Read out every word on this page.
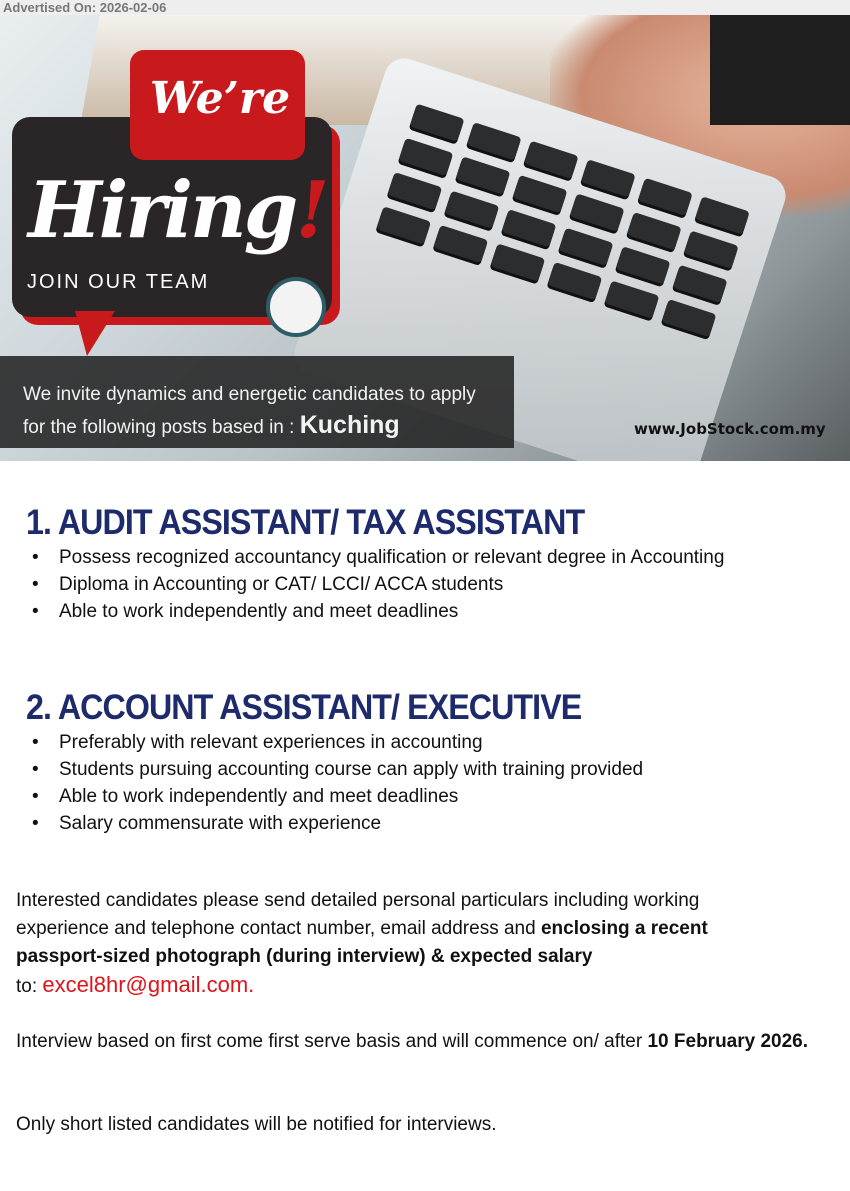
Advertised On: 2026-02-06
We’re
Hiring!
JOIN OUR TEAM
We invite dynamics and energetic candidates to apply
for the following posts based in : Kuching	www.JobStock.com.my
1. AUDIT ASSISTANT/ TAX ASSISTANT
• Possess recognized accountancy qualification or relevant degree in Accounting
• Diploma in Accounting or CAT/ LCCI/ ACCA students
• Able to work independently and meet deadlines
2. ACCOUNT ASSISTANT/ EXECUTIVE
• Preferably with relevant experiences in accounting
• Students pursuing accounting course can apply with training provided
• Able to work independently and meet deadlines
• Salary commensurate with experience
Interested candidates please send detailed personal particulars including working experience and telephone contact number, email address and enclosing a recent passport-sized photograph (during interview) & expected salary
to: excel8hr@gmail.com.
Interview based on first come first serve basis and will commence on/ after 10 February 2026.
Only short listed candidates will be notified for interviews.
